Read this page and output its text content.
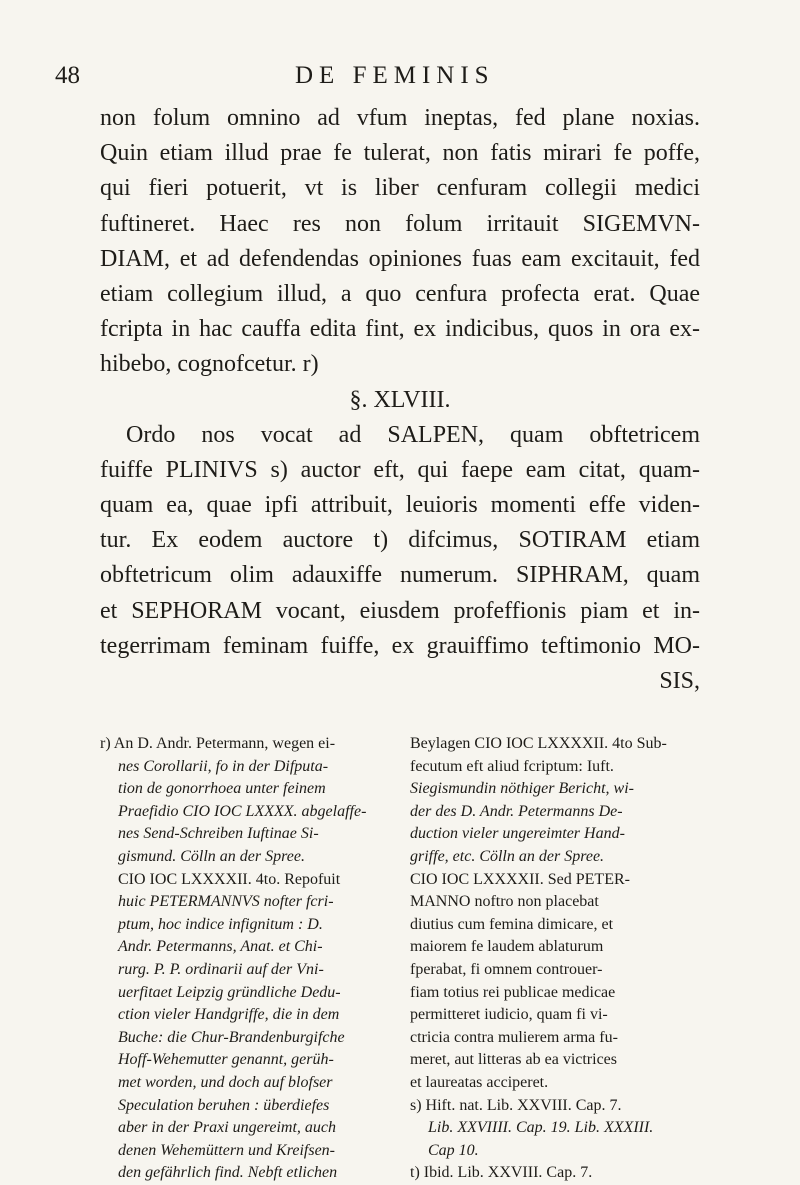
48	DE FEMINIS
non folum omnino ad vfum ineptas, fed plane noxias.
Quin etiam illud prae fe tulerat, non fatis mirari fe poffe,
qui fieri potuerit, vt is liber cenfuram collegii medici
fuftineret. Haec res non folum irritauit SIGEMVN-
DIAM, et ad defendendas opiniones fuas eam excitauit, fed
etiam collegium illud, a quo cenfura profecta erat. Quae
fcripta in hac cauffa edita fint, ex indicibus, quos in ora ex-
hibebo, cognofcetur. r)
§. XLVIII.
Ordo nos vocat ad SALPEN, quam obftetricem
fuiffe PLINIVS s) auctor eft, qui faepe eam citat, quam-
quam ea, quae ipfi attribuit, leuioris momenti effe viden-
tur. Ex eodem auctore t) difcimus, SOTIRAM etiam
obftetricum olim adauxiffe numerum. SIPHRAM, quam
et SEPHORAM vocant, eiusdem profeffionis piam et in-
tegerrimam feminam fuiffe, ex grauiffimo teftimonio MO-
SIS,
r) An D. Andr. Petermann, wegen ei-
nes Corollarii, fo in der Difputa-
tion de gonorrhoea unter feinem
Praefidio CIO IOC LXXXX. abgelaffe-
nes Send-Schreiben Iuftinae Si-
gismund. Cölln an der Spree.
CIO IOC LXXXXII. 4to. Repofuit
huic PETERMANNVS nofter fcri-
ptum, hoc indice infignitum : D.
Andr. Petermanns, Anat. et Chi-
rurg. P. P. ordinarii auf der Vni-
uerfitaet Leipzig gründliche Dedu-
ction vieler Handgriffe, die in dem
Buche: die Chur-Brandenburgifche
Hoff-Wehemutter genannt, gerüh-
met worden, und doch auf blofser
Speculation beruhen : überdiefes
aber in der Praxi ungereimt, auch
denen Wehemüttern und Kreifsen-
den gefährlich find. Nebft etlichen
Beylagen CIO IOC LXXXXII. 4to Sub-
fecutum eft aliud fcriptum: Iuft.
Siegismundin nöthiger Bericht, wi-
der des D. Andr. Petermanns De-
duction vieler ungereimter Hand-
griffe, etc. Cölln an der Spree.
CIO IOC LXXXXII. Sed PETER-
MANNO noftro non placebat
diutius cum femina dimicare, et
maiorem fe laudem ablaturum
fperabat, fi omnem controuer-
fiam totius rei publicae medicae
permitteret iudicio, quam fi vi-
ctricia contra mulierem arma fu-
meret, aut litteras ab ea victrices
et laureatas acciperet.
s) Hift. nat. Lib. XXVIII. Cap. 7.
Lib. XXVIIII. Cap. 19. Lib. XXXIII.
Cap 10.
t) Ibid. Lib. XXVIII. Cap. 7.
